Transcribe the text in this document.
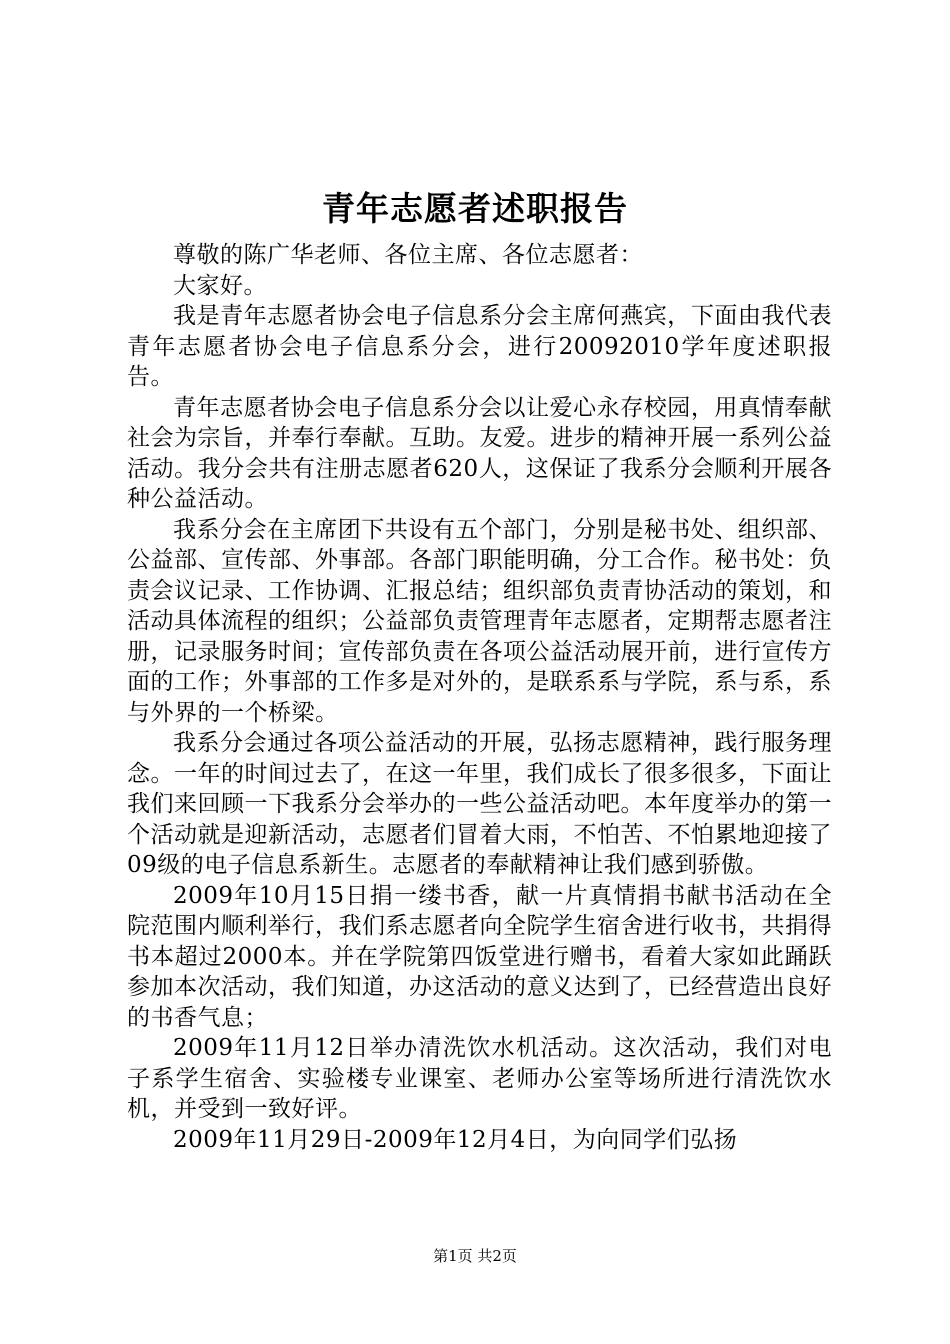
青年志愿者述职报告

尊敬的陈广华老师、各位主席、各位志愿者：

大家好。

我是青年志愿者协会电子信息系分会主席何燕宾，下面由我代表青年志愿者协会电子信息系分会，进行20092010学年度述职报告。

青年志愿者协会电子信息系分会以让爱心永存校园，用真情奉献社会为宗旨，并奉行奉献。互助。友爱。进步的精神开展一系列公益活动。我分会共有注册志愿者620人，这保证了我系分会顺利开展各种公益活动。

我系分会在主席团下共设有五个部门，分别是秘书处、组织部、公益部、宣传部、外事部。各部门职能明确，分工合作。秘书处：负责会议记录、工作协调、汇报总结；组织部负责青协活动的策划，和活动具体流程的组织；公益部负责管理青年志愿者，定期帮志愿者注册，记录服务时间；宣传部负责在各项公益活动展开前，进行宣传方面的工作；外事部的工作多是对外的，是联系系与学院，系与系，系与外界的一个桥梁。

我系分会通过各项公益活动的开展，弘扬志愿精神，践行服务理念。一年的时间过去了，在这一年里，我们成长了很多很多，下面让我们来回顾一下我系分会举办的一些公益活动吧。本年度举办的第一个活动就是迎新活动，志愿者们冒着大雨，不怕苦、不怕累地迎接了09级的电子信息系新生。志愿者的奉献精神让我们感到骄傲。

2009年10月15日捐一缕书香，献一片真情捐书献书活动在全院范围内顺利举行，我们系志愿者向全院学生宿舍进行收书，共捐得书本超过2000本。并在学院第四饭堂进行赠书，看着大家如此踊跃参加本次活动，我们知道，办这活动的意义达到了，已经营造出良好的书香气息；

2009年11月12日举办清洗饮水机活动。这次活动，我们对电子系学生宿舍、实验楼专业课室、老师办公室等场所进行清洗饮水机，并受到一致好评。

2009年11月29日-2009年12月4日，为向同学们弘扬

第1页 共2页
